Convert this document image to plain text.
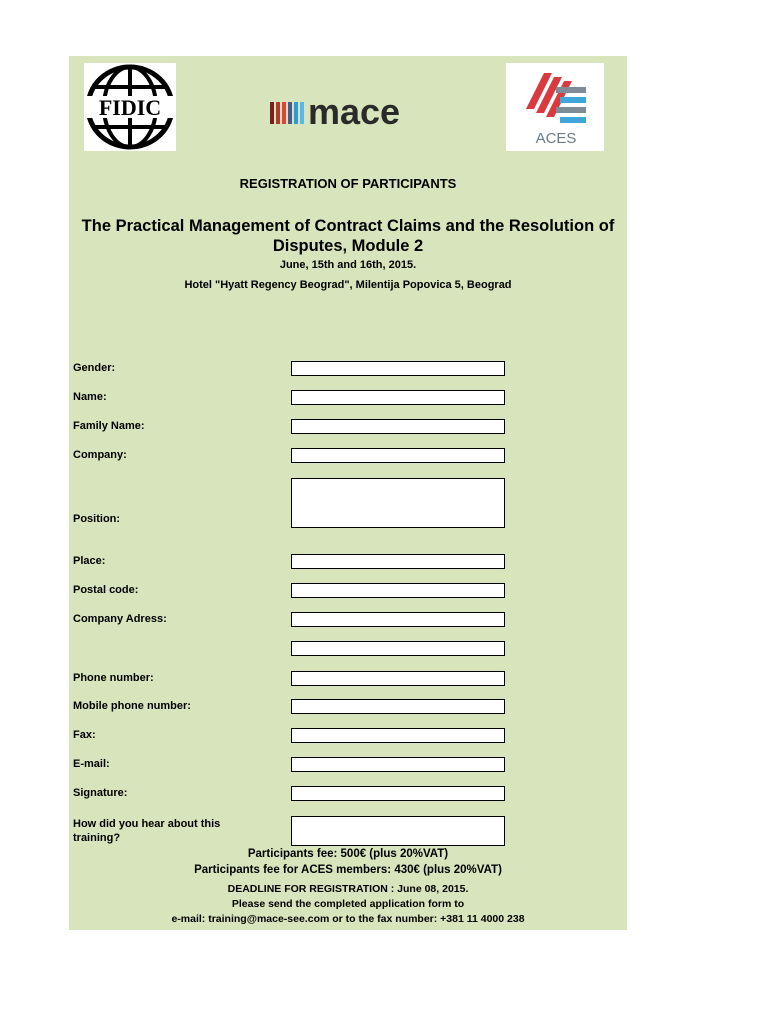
FIDIC	mace
ACES
REGISTRATION OF PARTICIPANTS
The Practical Management of Contract Claims and the Resolution of Disputes, Module 2
June, 15th and 16th, 2015.
Hotel "Hyatt Regency Beograd", Milentija Popovica 5, Beograd
Gender:
Name:
Family Name:
Company:
Position:
Place:
Postal code:
Company Adress:
Phone number:
Mobile phone number:
Fax:
E-mail:
Signature:
How did you hear about this
training?
Participants fee: 500€ (plus 20%VAT)
Participants fee for ACES members: 430€ (plus 20%VAT)
DEADLINE FOR REGISTRATION : June 08, 2015.
Please send the completed application form to
e-mail: training@mace-see.com or to the fax number: +381 11 4000 238
